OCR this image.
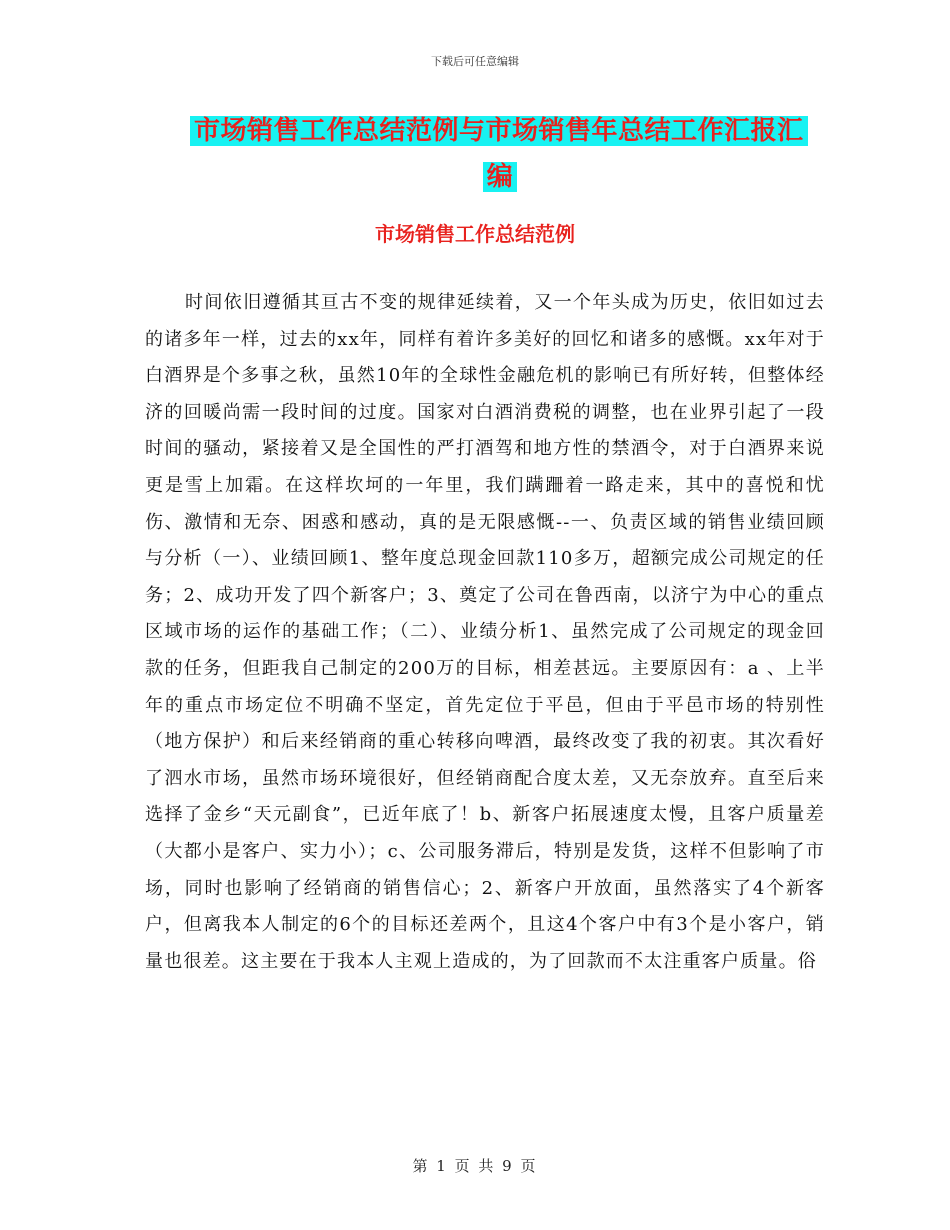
下载后可任意编辑
市场销售工作总结范例与市场销售年总结工作汇报汇
编
市场销售工作总结范例

时间依旧遵循其亘古不变的规律延续着，又一个年头成为历史，依旧如过去的诸多年一样，过去的xx年，同样有着许多美好的回忆和诸多的感慨。xx年对于白酒界是个多事之秋，虽然10年的全球性金融危机的影响已有所好转，但整体经济的回暖尚需一段时间的过度。国家对白酒消费税的调整，也在业界引起了一段时间的骚动，紧接着又是全国性的严打酒驾和地方性的禁酒令，对于白酒界来说更是雪上加霜。在这样坎坷的一年里，我们蹒跚着一路走来，其中的喜悦和忧伤、激情和无奈、困惑和感动，真的是无限感慨--一、负责区域的销售业绩回顾与分析（一）、业绩回顾1、整年度总现金回款110多万，超额完成公司规定的任务；2、成功开发了四个新客户；3、奠定了公司在鲁西南，以济宁为中心的重点区域市场的运作的基础工作；（二）、业绩分析1、虽然完成了公司规定的现金回款的任务，但距我自己制定的200万的目标，相差甚远。主要原因有：a 、上半年的重点市场定位不明确不坚定，首先定位于平邑，但由于平邑市场的特别性（地方保护）和后来经销商的重心转移向啤酒，最终改变了我的初衷。其次看好了泗水市场，虽然市场环境很好，但经销商配合度太差，又无奈放弃。直至后来选择了金乡“天元副食”，已近年底了！b、新客户拓展速度太慢，且客户质量差（大都小是客户、实力小）；c、公司服务滞后，特别是发货，这样不但影响了市场，同时也影响了经销商的销售信心；2、新客户开放面，虽然落实了4个新客户，但离我本人制定的6个的目标还差两个，且这4个客户中有3个是小客户，销量也很差。这主要在于我本人主观上造成的，为了回款而不太注重客户质量。俗

第 1 页 共 9 页
